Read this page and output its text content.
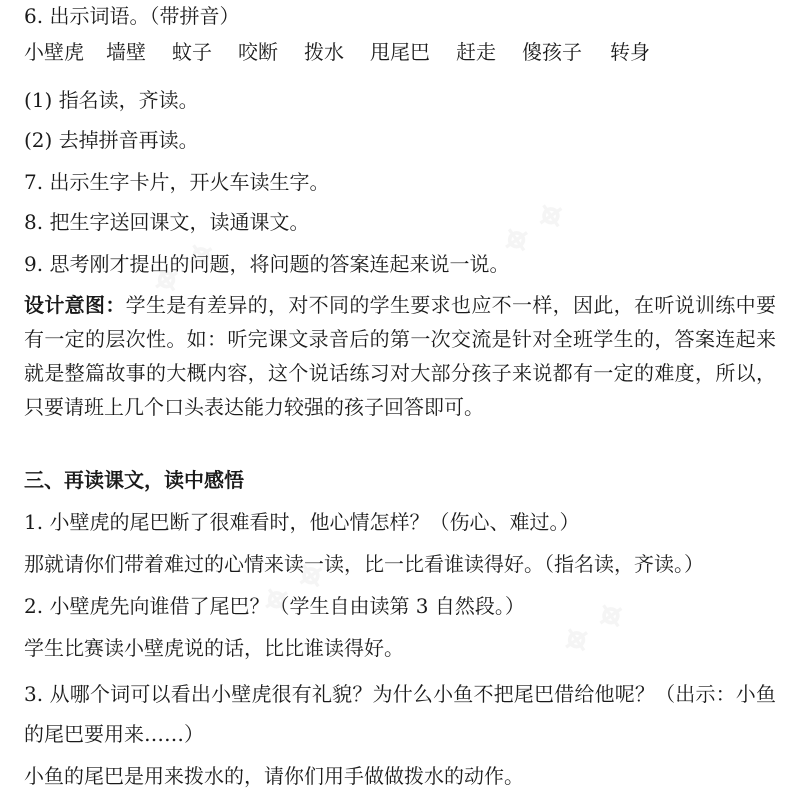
6. 出示词语。（带拼音）
小壁虎 墙壁 蚊子 咬断 拨水 甩尾巴 赶走 傻孩子 转身
(1) 指名读，齐读。
(2) 去掉拼音再读。
7. 出示生字卡片，开火车读生字。
8. 把生字送回课文，读通课文。
9. 思考刚才提出的问题，将问题的答案连起来说一说。
设计意图：学生是有差异的，对不同的学生要求也应不一样，因此，在听说训练中要有一定的层次性。如：听完课文录音后的第一次交流是针对全班学生的，答案连起来就是整篇故事的大概内容，这个说话练习对大部分孩子来说都有一定的难度，所以，只要请班上几个口头表达能力较强的孩子回答即可。
三、再读课文，读中感悟
1. 小壁虎的尾巴断了很难看时，他心情怎样？（伤心、难过。）
那就请你们带着难过的心情来读一读，比一比看谁读得好。（指名读，齐读。）
2. 小壁虎先向谁借了尾巴？（学生自由读第 3 自然段。）
学生比赛读小壁虎说的话，比比谁读得好。
3. 从哪个词可以看出小壁虎很有礼貌？为什么小鱼不把尾巴借给他呢？（出示：小鱼的尾巴要用来……）
小鱼的尾巴是用来拨水的，请你们用手做做拨水的动作。
⌖ ⌖	⌖ ⌖
⌖ ⌖	⌖ ⌖
